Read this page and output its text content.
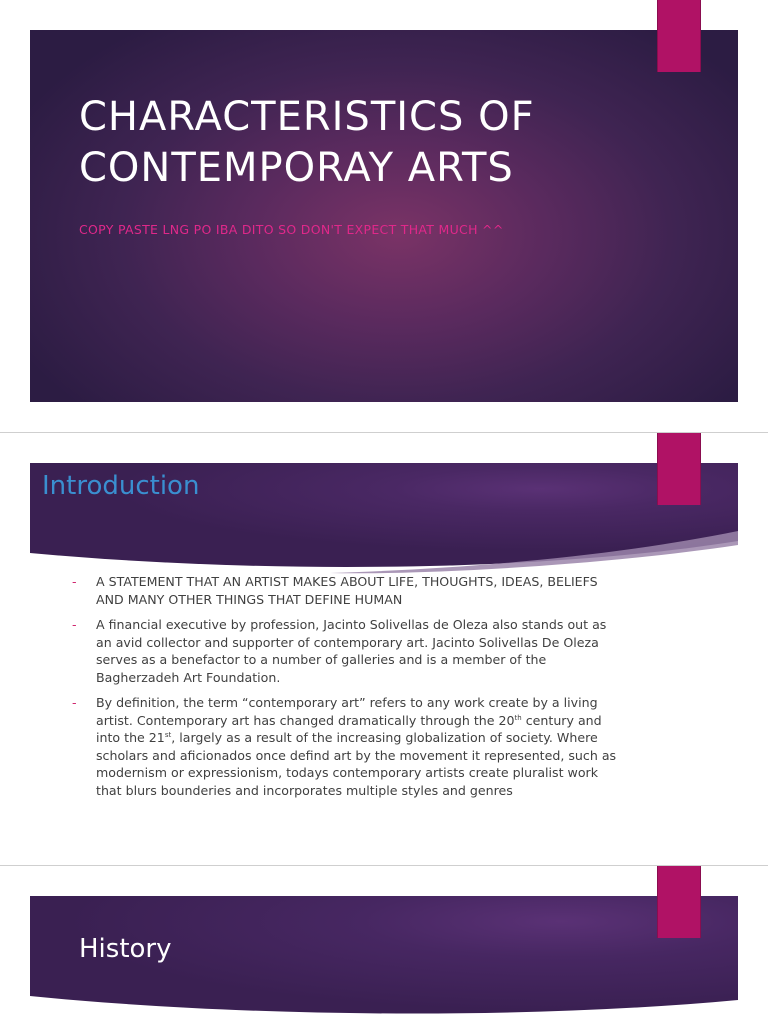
CHARACTERISTICS OF CONTEMPORAY ARTS
COPY PASTE LNG PO IBA DITO SO DON'T EXPECT THAT MUCH ^^
Introduction
- A STATEMENT THAT AN ARTIST MAKES ABOUT LIFE, THOUGHTS, IDEAS, BELIEFS AND MANY OTHER THINGS THAT DEFINE HUMAN
- A financial executive by profession, Jacinto Solivellas de Oleza also stands out as an avid collector and supporter of contemporary art. Jacinto Solivellas De Oleza serves as a benefactor to a number of galleries and is a member of the Bagherzadeh Art Foundation.
- By definition, the term “contemporary art” refers to any work create by a living artist. Contemporary art has changed dramatically through the 20th century and into the 21st, largely as a result of the increasing globalization of society. Where scholars and aficionados once defind art by the movement it represented, such as modernism or expressionism, todays contemporary artists create pluralist work that blurs bounderies and incorporates multiple styles and genres
History
